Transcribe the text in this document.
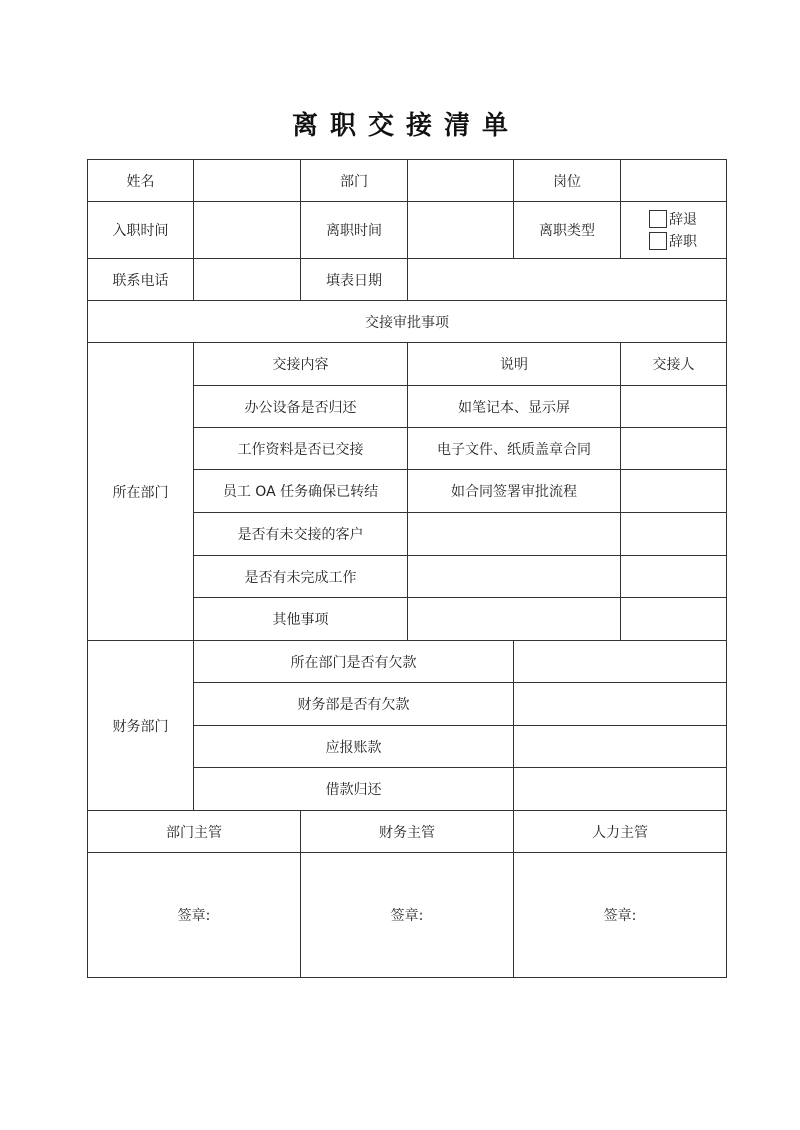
离职交接清单
姓名		部门		岗位	
入职时间		离职时间		离职类型	辞退
辞职

联系电话		填表日期			
交接审批事项					
所在部门	交接内容		说明		交接人
	办公设备是否归还		如笔记本、显示屏		
	工作资料是否已交接		电子文件、纸质盖章合同		
	员工 OA 任务确保已转结		如合同签署审批流程		
	是否有未交接的客户				
	是否有未完成工作				
	其他事项				
财务部门	所在部门是否有欠款				
	财务部是否有欠款				
	应报账款				
	借款归还				
部门主管		财务主管		人力主管	
签章:		签章:		签章:	
